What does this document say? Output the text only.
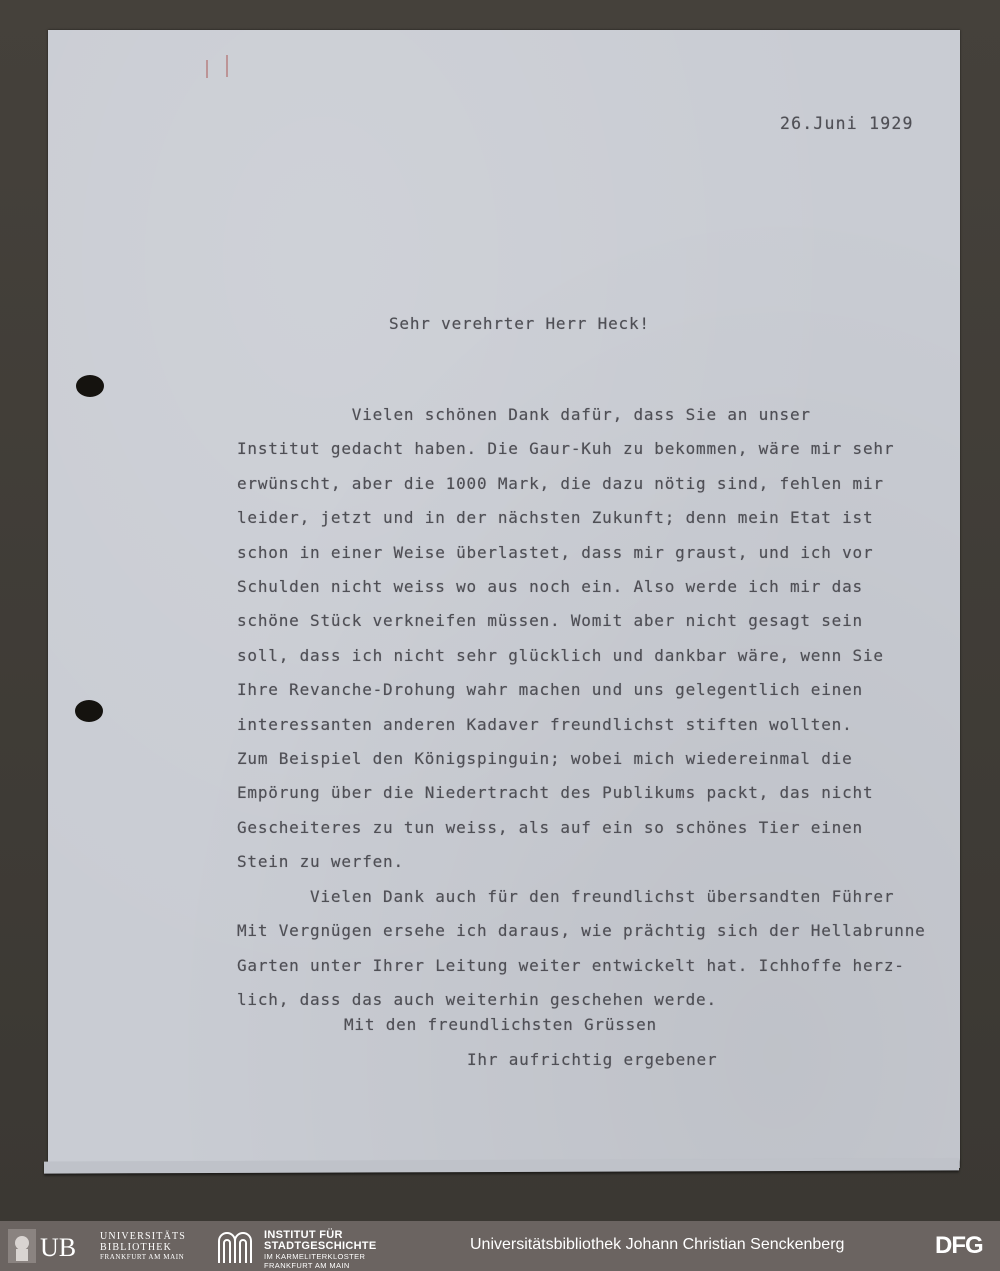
26.Juni 1929
Sehr verehrter Herr Heck!
Vielen schönen Dank dafür, dass Sie an unser
Institut gedacht haben. Die Gaur-Kuh zu bekommen, wäre mir sehr
erwünscht, aber die 1000 Mark, die dazu nötig sind, fehlen mir
leider, jetzt und in der nächsten Zukunft; denn mein Etat ist
schon in einer Weise überlastet, dass mir graust, und ich vor
Schulden nicht weiss wo aus noch ein. Also werde ich mir das
schöne Stück verkneifen müssen. Womit aber nicht gesagt sein
soll, dass ich nicht sehr glücklich und dankbar wäre, wenn Sie
Ihre Revanche-Drohung wahr machen und uns gelegentlich einen
interessanten anderen Kadaver freundlichst stiften wollten.
Zum Beispiel den Königspinguin; wobei mich wiedereinmal die
Empörung über die Niedertracht des Publikums packt, das nicht
Gescheiteres zu tun weiss, als auf ein so schönes Tier einen
Stein zu werfen.
Vielen Dank auch für den freundlichst übersandten Führer
Mit Vergnügen ersehe ich daraus, wie prächtig sich der Hellabrunne
Garten unter Ihrer Leitung weiter entwickelt hat. Ichhoffe herz-
lich, dass das auch weiterhin geschehen werde.
Mit den freundlichsten Grüssen
Ihr aufrichtig ergebener
UB UNIVERSITÄTS
BIBLIOTHEK
FRANKFURT AM MAIN
INSTITUT FÜR
STADTGESCHICHTE
IM KARMELITERKLOSTER
FRANKFURT AM MAIN
Universitätsbibliothek Johann Christian Senckenberg	DFG
